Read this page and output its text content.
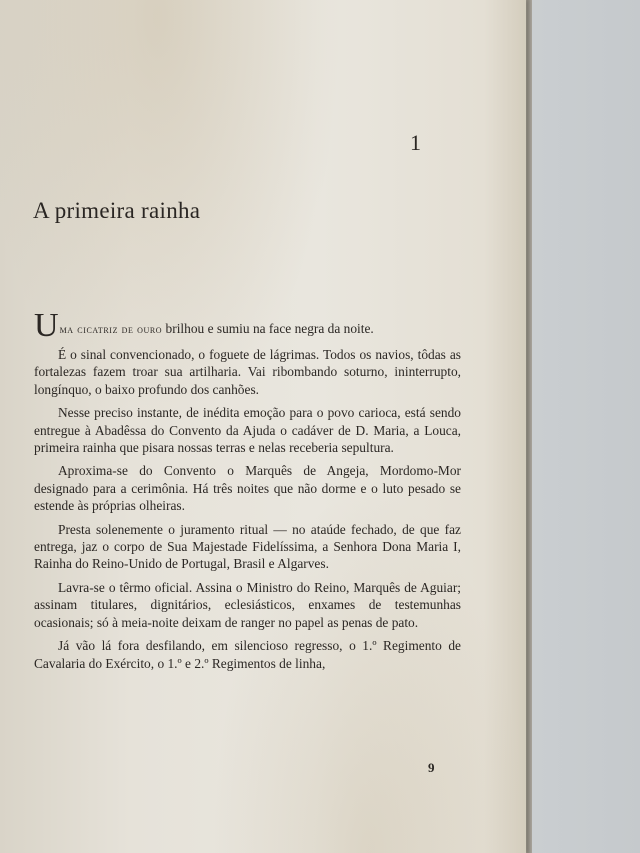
1
A primeira rainha

Uma cicatriz de ouro brilhou e sumiu na face negra da noite.

É o sinal convencionado, o foguete de lágrimas. Todos os navios, tôdas as fortalezas fazem troar sua artilharia. Vai ribombando soturno, ininterrupto, longínquo, o baixo profundo dos canhões.

Nesse preciso instante, de inédita emoção para o povo carioca, está sendo entregue à Abadêssa do Convento da Ajuda o cadáver de D. Maria, a Louca, primeira rainha que pisara nossas terras e nelas receberia sepultura.

Aproxima-se do Convento o Marquês de Angeja, Mordomo-Mor designado para a cerimônia. Há três noites que não dorme e o luto pesado se estende às próprias olheiras.

Presta solenemente o juramento ritual — no ataúde fechado, de que faz entrega, jaz o corpo de Sua Majestade Fidelíssima, a Senhora Dona Maria I, Rainha do Reino-Unido de Portugal, Brasil e Algarves.

Lavra-se o têrmo oficial. Assina o Ministro do Reino, Marquês de Aguiar; assinam titulares, dignitários, eclesiásticos, enxames de testemunhas ocasionais; só à meia-noite deixam de ranger no papel as penas de pato.

Já vão lá fora desfilando, em silencioso regresso, o 1.º Regimento de Cavalaria do Exército, o 1.º e 2.º Regimentos de linha,

9
